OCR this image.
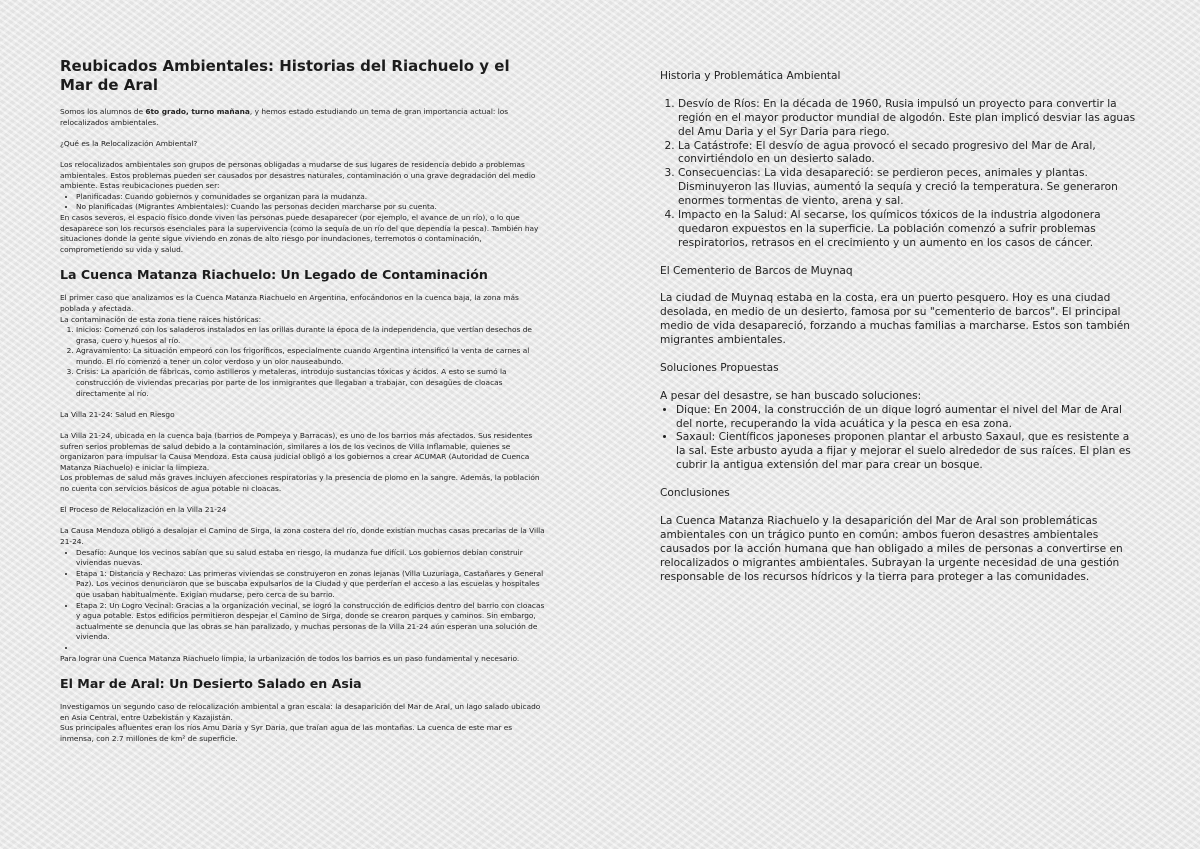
Reubicados Ambientales: Historias del Riachuelo y el Mar de Aral

Somos los alumnos de 6to grado, turno mañana, y hemos estado estudiando un tema de gran importancia actual: los relocalizados ambientales.

¿Qué es la Relocalización Ambiental?

Los relocalizados ambientales son grupos de personas obligadas a mudarse de sus lugares de residencia debido a problemas ambientales. Estos problemas pueden ser causados por desastres naturales, contaminación o una grave degradación del medio ambiente. Estas reubicaciones pueden ser:

• Planificadas: Cuando gobiernos y comunidades se organizan para la mudanza.
• No planificadas (Migrantes Ambientales): Cuando las personas deciden marcharse por su cuenta.

En casos severos, el espacio físico donde viven las personas puede desaparecer (por ejemplo, el avance de un río), o lo que desaparece son los recursos esenciales para la supervivencia (como la sequía de un río del que dependía la pesca). También hay situaciones donde la gente sigue viviendo en zonas de alto riesgo por inundaciones, terremotos o contaminación, comprometiendo su vida y salud.

La Cuenca Matanza Riachuelo: Un Legado de Contaminación

El primer caso que analizamos es la Cuenca Matanza Riachuelo en Argentina, enfocándonos en la cuenca baja, la zona más poblada y afectada.

La contaminación de esta zona tiene raíces históricas:

1. Inicios: Comenzó con los saladeros instalados en las orillas durante la época de la independencia, que vertían desechos de grasa, cuero y huesos al río.
2. Agravamiento: La situación empeoró con los frigoríficos, especialmente cuando Argentina intensificó la venta de carnes al mundo. El río comenzó a tener un color verdoso y un olor nauseabundo.
3. Crisis: La aparición de fábricas, como astilleros y metaleras, introdujo sustancias tóxicas y ácidos. A esto se sumó la construcción de viviendas precarias por parte de los inmigrantes que llegaban a trabajar, con desagües de cloacas directamente al río.

La Villa 21-24: Salud en Riesgo

La Villa 21-24, ubicada en la cuenca baja (barrios de Pompeya y Barracas), es uno de los barrios más afectados. Sus residentes sufren serios problemas de salud debido a la contaminación, similares a los de los vecinos de Villa Inflamable, quienes se organizaron para impulsar la Causa Mendoza. Esta causa judicial obligó a los gobiernos a crear ACUMAR (Autoridad de Cuenca Matanza Riachuelo) e iniciar la limpieza.

Los problemas de salud más graves incluyen afecciones respiratorias y la presencia de plomo en la sangre. Además, la población no cuenta con servicios básicos de agua potable ni cloacas.

El Proceso de Relocalización en la Villa 21-24

La Causa Mendoza obligó a desalojar el Camino de Sirga, la zona costera del río, donde existían muchas casas precarias de la Villa 21-24.

• Desafío: Aunque los vecinos sabían que su salud estaba en riesgo, la mudanza fue difícil. Los gobiernos debían construir viviendas nuevas.
• Etapa 1: Distancia y Rechazo: Las primeras viviendas se construyeron en zonas lejanas (Villa Luzuriaga, Castañares y General Paz). Los vecinos denunciaron que se buscaba expulsarlos de la Ciudad y que perderían el acceso a las escuelas y hospitales que usaban habitualmente. Exigían mudarse, pero cerca de su barrio.
• Etapa 2: Un Logro Vecinal: Gracias a la organización vecinal, se logró la construcción de edificios dentro del barrio con cloacas y agua potable. Estos edificios permitieron despejar el Camino de Sirga, donde se crearon parques y caminos. Sin embargo, actualmente se denuncia que las obras se han paralizado, y muchas personas de la Villa 21-24 aún esperan una solución de vivienda.
•

Para lograr una Cuenca Matanza Riachuelo limpia, la urbanización de todos los barrios es un paso fundamental y necesario.

El Mar de Aral: Un Desierto Salado en Asia

Investigamos un segundo caso de relocalización ambiental a gran escala: la desaparición del Mar de Aral, un lago salado ubicado en Asia Central, entre Uzbekistán y Kazajistán.

Sus principales afluentes eran los ríos Amu Daria y Syr Daria, que traían agua de las montañas. La cuenca de este mar es inmensa, con 2.7 millones de km² de superficie.

Historia y Problemática Ambiental

1. Desvío de Ríos: En la década de 1960, Rusia impulsó un proyecto para convertir la región en el mayor productor mundial de algodón. Este plan implicó desviar las aguas del Amu Daria y el Syr Daria para riego.
2. La Catástrofe: El desvío de agua provocó el secado progresivo del Mar de Aral, convirtiéndolo en un desierto salado.
3. Consecuencias: La vida desapareció: se perdieron peces, animales y plantas. Disminuyeron las lluvias, aumentó la sequía y creció la temperatura. Se generaron enormes tormentas de viento, arena y sal.
4. Impacto en la Salud: Al secarse, los químicos tóxicos de la industria algodonera quedaron expuestos en la superficie. La población comenzó a sufrir problemas respiratorios, retrasos en el crecimiento y un aumento en los casos de cáncer.

El Cementerio de Barcos de Muynaq

La ciudad de Muynaq estaba en la costa, era un puerto pesquero. Hoy es una ciudad desolada, en medio de un desierto, famosa por su "cementerio de barcos". El principal medio de vida desapareció, forzando a muchas familias a marcharse. Estos son también migrantes ambientales.

Soluciones Propuestas

A pesar del desastre, se han buscado soluciones:

• Dique: En 2004, la construcción de un dique logró aumentar el nivel del Mar de Aral del norte, recuperando la vida acuática y la pesca en esa zona.
• Saxaul: Científicos japoneses proponen plantar el arbusto Saxaul, que es resistente a la sal. Este arbusto ayuda a fijar y mejorar el suelo alrededor de sus raíces. El plan es cubrir la antigua extensión del mar para crear un bosque.

Conclusiones

La Cuenca Matanza Riachuelo y la desaparición del Mar de Aral son problemáticas ambientales con un trágico punto en común: ambos fueron desastres ambientales causados por la acción humana que han obligado a miles de personas a convertirse en relocalizados o migrantes ambientales. Subrayan la urgente necesidad de una gestión responsable de los recursos hídricos y la tierra para proteger a las comunidades.
